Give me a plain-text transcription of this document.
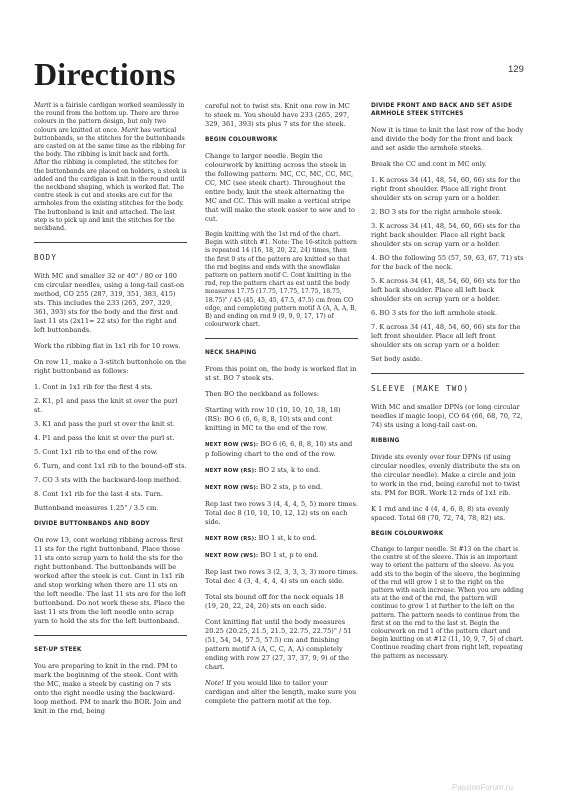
Directions	129

Marit is a fairisle cardigan worked seamlessly in the round from the bottom up. There are three colours in the pattern design, but only two colours are knitted at once. Marit has vertical buttonbands, so the stitches for the buttonbands are casted on at the same time as the ribbing for the body. The ribbing is knit back and forth. After the ribbing is completed, the stitches for the buttonbands are placed on holders, a steek is added and the cardigan is knit in the round until the neckband shaping, which is worked flat. The centre steek is cut and steeks are cut for the armholes from the existing stitches for the body. The buttonband is knit and attached. The last step is to pick up and knit the stitches for the neckband.

BODY

With MC and smaller 32 or 40" / 80 or 100 cm circular needles, using a long-tail cast-on method, CO 255 (287, 319, 351, 383, 415) sts. This includes the 233 (265, 297, 329, 361, 393) sts for the body and the first and last 11 sts (2x11= 22 sts) for the right and left buttonbands.

Work the ribbing flat in 1x1 rib for 10 rows.

On row 11, make a 3-stitch buttonhole on the right buttonband as follows:

1. Cont in 1x1 rib for the first 4 sts.

2. K1, p1 and pass the knit st over the purl st.

3. K1 and pass the purl st over the knit st.

4. P1 and pass the knit st over the purl st.

5. Cont 1x1 rib to the end of the row.

6. Turn, and cont 1x1 rib to the bound-off sts.

7. CO 3 sts with the backward-loop method.

8. Cont 1x1 rib for the last 4 sts. Turn.

Buttonband measures 1.25" / 3.5 cm.

DIVIDE BUTTONBANDS AND BODY

On row 13, cont working ribbing across first 11 sts for the right buttonband. Place those 11 sts onto scrap yarn to hold the sts for the right buttonband. The buttonbands will be worked after the steek is cut. Cont in 1x1 rib and stop working when there are 11 sts on the left needle. The last 11 sts are for the left buttonband. Do not work these sts. Place the last 11 sts from the left needle onto scrap yarn to hold the sts for the left buttonband.

SET-UP STEEK

You are preparing to knit in the rnd. PM to mark the beginning of the steek. Cont with the MC, make a steek by casting on 7 sts onto the right needle using the backward-loop method. PM to mark the BOR. Join and knit in the rnd, being

careful not to twist sts. Knit one row in MC to steek m. You should have 233 (265, 297, 329, 361, 393) sts plus 7 sts for the steek.

BEGIN COLOURWORK

Change to larger needle. Begin the colourwork by knitting across the steek in the following pattern: MC, CC, MC, CC, MC, CC, MC (see steek chart). Throughout the entire body, knit the steek alternating the MC and CC. This will make a vertical stripe that will make the steek easier to sew and to cut.

Begin knitting with the 1st rnd of the chart. Begin with stitch #1. Note: The 16-stitch pattern is repeated 14 (16, 18, 20, 22, 24) times, then the first 9 sts of the pattern are knitted so that the rnd begins and ends with the snowflake pattern on pattern motif C. Cont knitting in the rnd, rep the pattern chart as est until the body measures 17.75 (17.75, 17.75, 17.75, 18.75, 18.75)" / 45 (45, 45, 45, 47.5, 47.5) cm from CO edge, and completing pattern motif A (A, A, A, B, B) and ending on rnd 9 (9, 9, 9, 17, 17) of colourwork chart.

NECK SHAPING

From this point on, the body is worked flat in st st. BO 7 steek sts.

Then BO the neckband as follows:

Starting with row 10 (10, 10, 10, 18, 18) (RS): BO 6 (6, 6, 8, 8, 10) sts and cont knitting in MC to the end of the row.

NEXT ROW (WS): BO 6 (6, 6, 8, 8, 10) sts and p following chart to the end of the row.

NEXT ROW (RS): BO 2 sts, k to end.

NEXT ROW (WS): BO 2 sts, p to end.

Rep last two rows 3 (4, 4, 4, 5, 5) more times. Total dec 8 (10, 10, 10, 12, 12) sts on each side.

NEXT ROW (RS): BO 1 st, k to end.

NEXT ROW (WS): BO 1 st, p to end.

Rep last two rows 3 (2, 3, 3, 3, 3) more times. Total dec 4 (3, 4, 4, 4, 4) sts on each side.

Total sts bound off for the neck equals 18 (19, 20, 22, 24, 26) sts on each side.

Cont knitting flat until the body measures 20.25 (20.25, 21.5, 21.5, 22.75, 22.75)" / 51 (51, 54, 54, 57.5, 57.5) cm and finishing pattern motif A (A, C, C, A, A) completely ending with row 27 (27, 37, 37, 9, 9) of the chart.

Note! If you would like to tailor your cardigan and alter the length, make sure you complete the pattern motif at the top.

DIVIDE FRONT AND BACK AND SET ASIDE ARMHOLE STEEK STITCHES

Now it is time to knit the last row of the body and divide the body for the front and back and set aside the armhole steeks.

Break the CC and cont in MC only.

1. K across 34 (41, 48, 54, 60, 66) sts for the right front shoulder. Place all right front shoulder sts on scrap yarn or a holder.

2. BO 3 sts for the right armhole steek.

3. K across 34 (41, 48, 54, 60, 66) sts for the right back shoulder. Place all right back shoulder sts on scrap yarn or a holder.

4. BO the following 55 (57, 59, 63, 67, 71) sts for the back of the neck.

5. K across 34 (41, 48, 54, 60, 66) sts for the left back shoulder. Place all left back shoulder sts on scrap yarn or a holder.

6. BO 3 sts for the left armhole steek.

7. K across 34 (41, 48, 54, 60, 66) sts for the left front shoulder. Place all left front shoulder sts on scrap yarn or a holder.

Set body aside.

SLEEVE (MAKE TWO)

With MC and smaller DPNs (or long circular needles if magic loop), CO 64 (66, 68, 70, 72, 74) sts using a long-tail cast-on.

RIBBING

Divide sts evenly over four DPNs (if using circular needles, evenly distribute the sts on the circular needle). Make a circle and join to work in the rnd, being careful not to twist sts. PM for BOR. Work 12 rnds of 1x1 rib.

K 1 rnd and inc 4 (4, 4, 6, 8, 8) sts evenly spaced. Total 68 (70, 72, 74, 78, 82) sts.

BEGIN COLOURWORK

Change to larger needle. St #13 on the chart is the centre st of the sleeve. This is an important way to orient the pattern of the sleeve. As you add sts to the begin of the sleeve, the beginning of the rnd will grow 1 st to the right on the pattern with each increase. When you are adding sts at the end of the rnd, the pattern will continue to grow 1 st further to the left on the pattern. The pattern needs to continue from the first st on the rnd to the last st. Begin the colourwork on rnd 1 of the pattern chart and begin knitting on st #12 (11, 10, 9, 7, 5) of chart. Continue reading chart from right left, repeating the pattern as necessary.

PassionForum.ru
